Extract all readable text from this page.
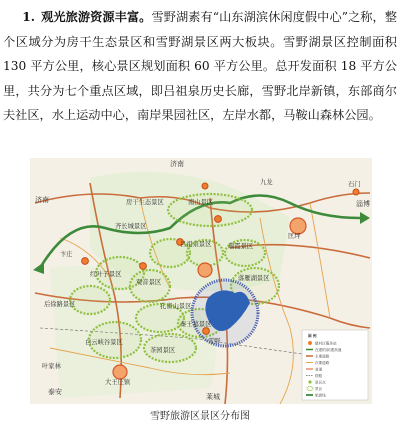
1. 观光旅游资源丰富。雪野湖素有“山东湖滨休闲度假中心”之称，整个区域分为房干生态景区和雪野湖景区两大板块。雪野湖景区控制面积 130 平方公里，核心景区规划面积 60 平方公里。总开发面积 18 平方公里，共分为七个重点区域，即吕祖泉历史长廊，雪野北岸新镇，东部商尔夫社区，水上运动中心，南岸果园社区，左岸水都，马鞍山森林公园。
济南
济南
淄博
泰安
莱城
房干生态景区
齐长城景区
南山景区
吕祖泉景区	瑞霞景区
落雁湖景区
红叶子景区
观音景区
后徐路景区	孔雀山景区
雪野
白云峡谷景区
茶园景区
秦王墓景区
大王庄镇
九龙
卞庄
石门
匡坪
叶家林
图 例
镇村区服务站
在建的/拟建高速
主要道路
次要道路
省道
铁路
景区点
景区
旅游线
雪野旅游区景区分布图
